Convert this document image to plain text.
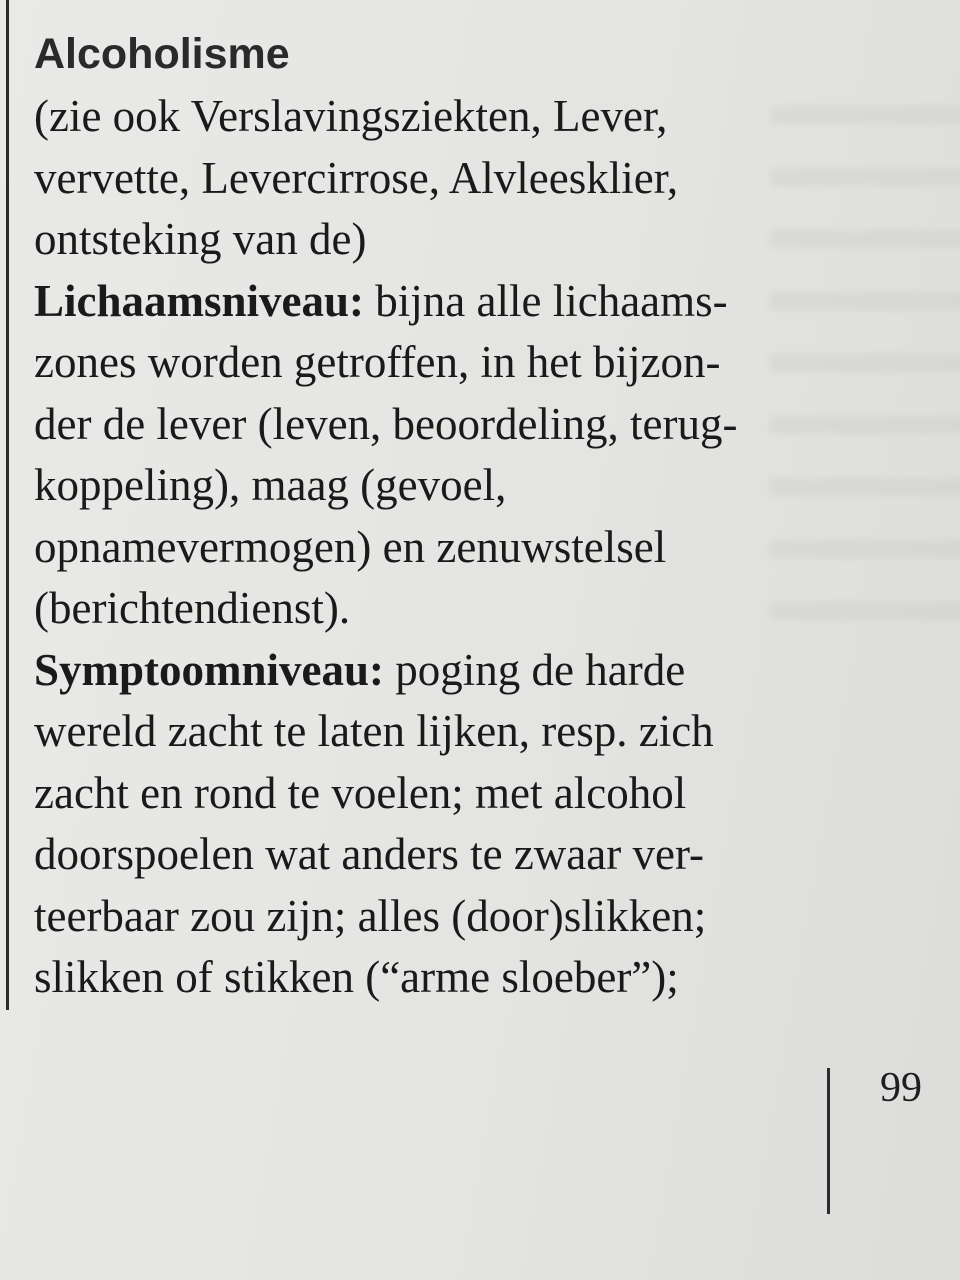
Alcoholisme

(zie ook Verslavingsziekten, Lever,
vervette, Levercirrose, Alvleesklier,
ontsteking van de)

Lichaamsniveau: bijna alle lichaams-
zones worden getroffen, in het bijzon-
der de lever (leven, beoordeling, terug-
koppeling), maag (gevoel,
opnamevermogen) en zenuwstelsel
(berichtendienst).

Symptoomniveau: poging de harde
wereld zacht te laten lijken, resp. zich
zacht en rond te voelen; met alcohol
doorspoelen wat anders te zwaar ver-
teerbaar zou zijn; alles (door)slikken;
slikken of stikken (“arme sloeber”);

99
